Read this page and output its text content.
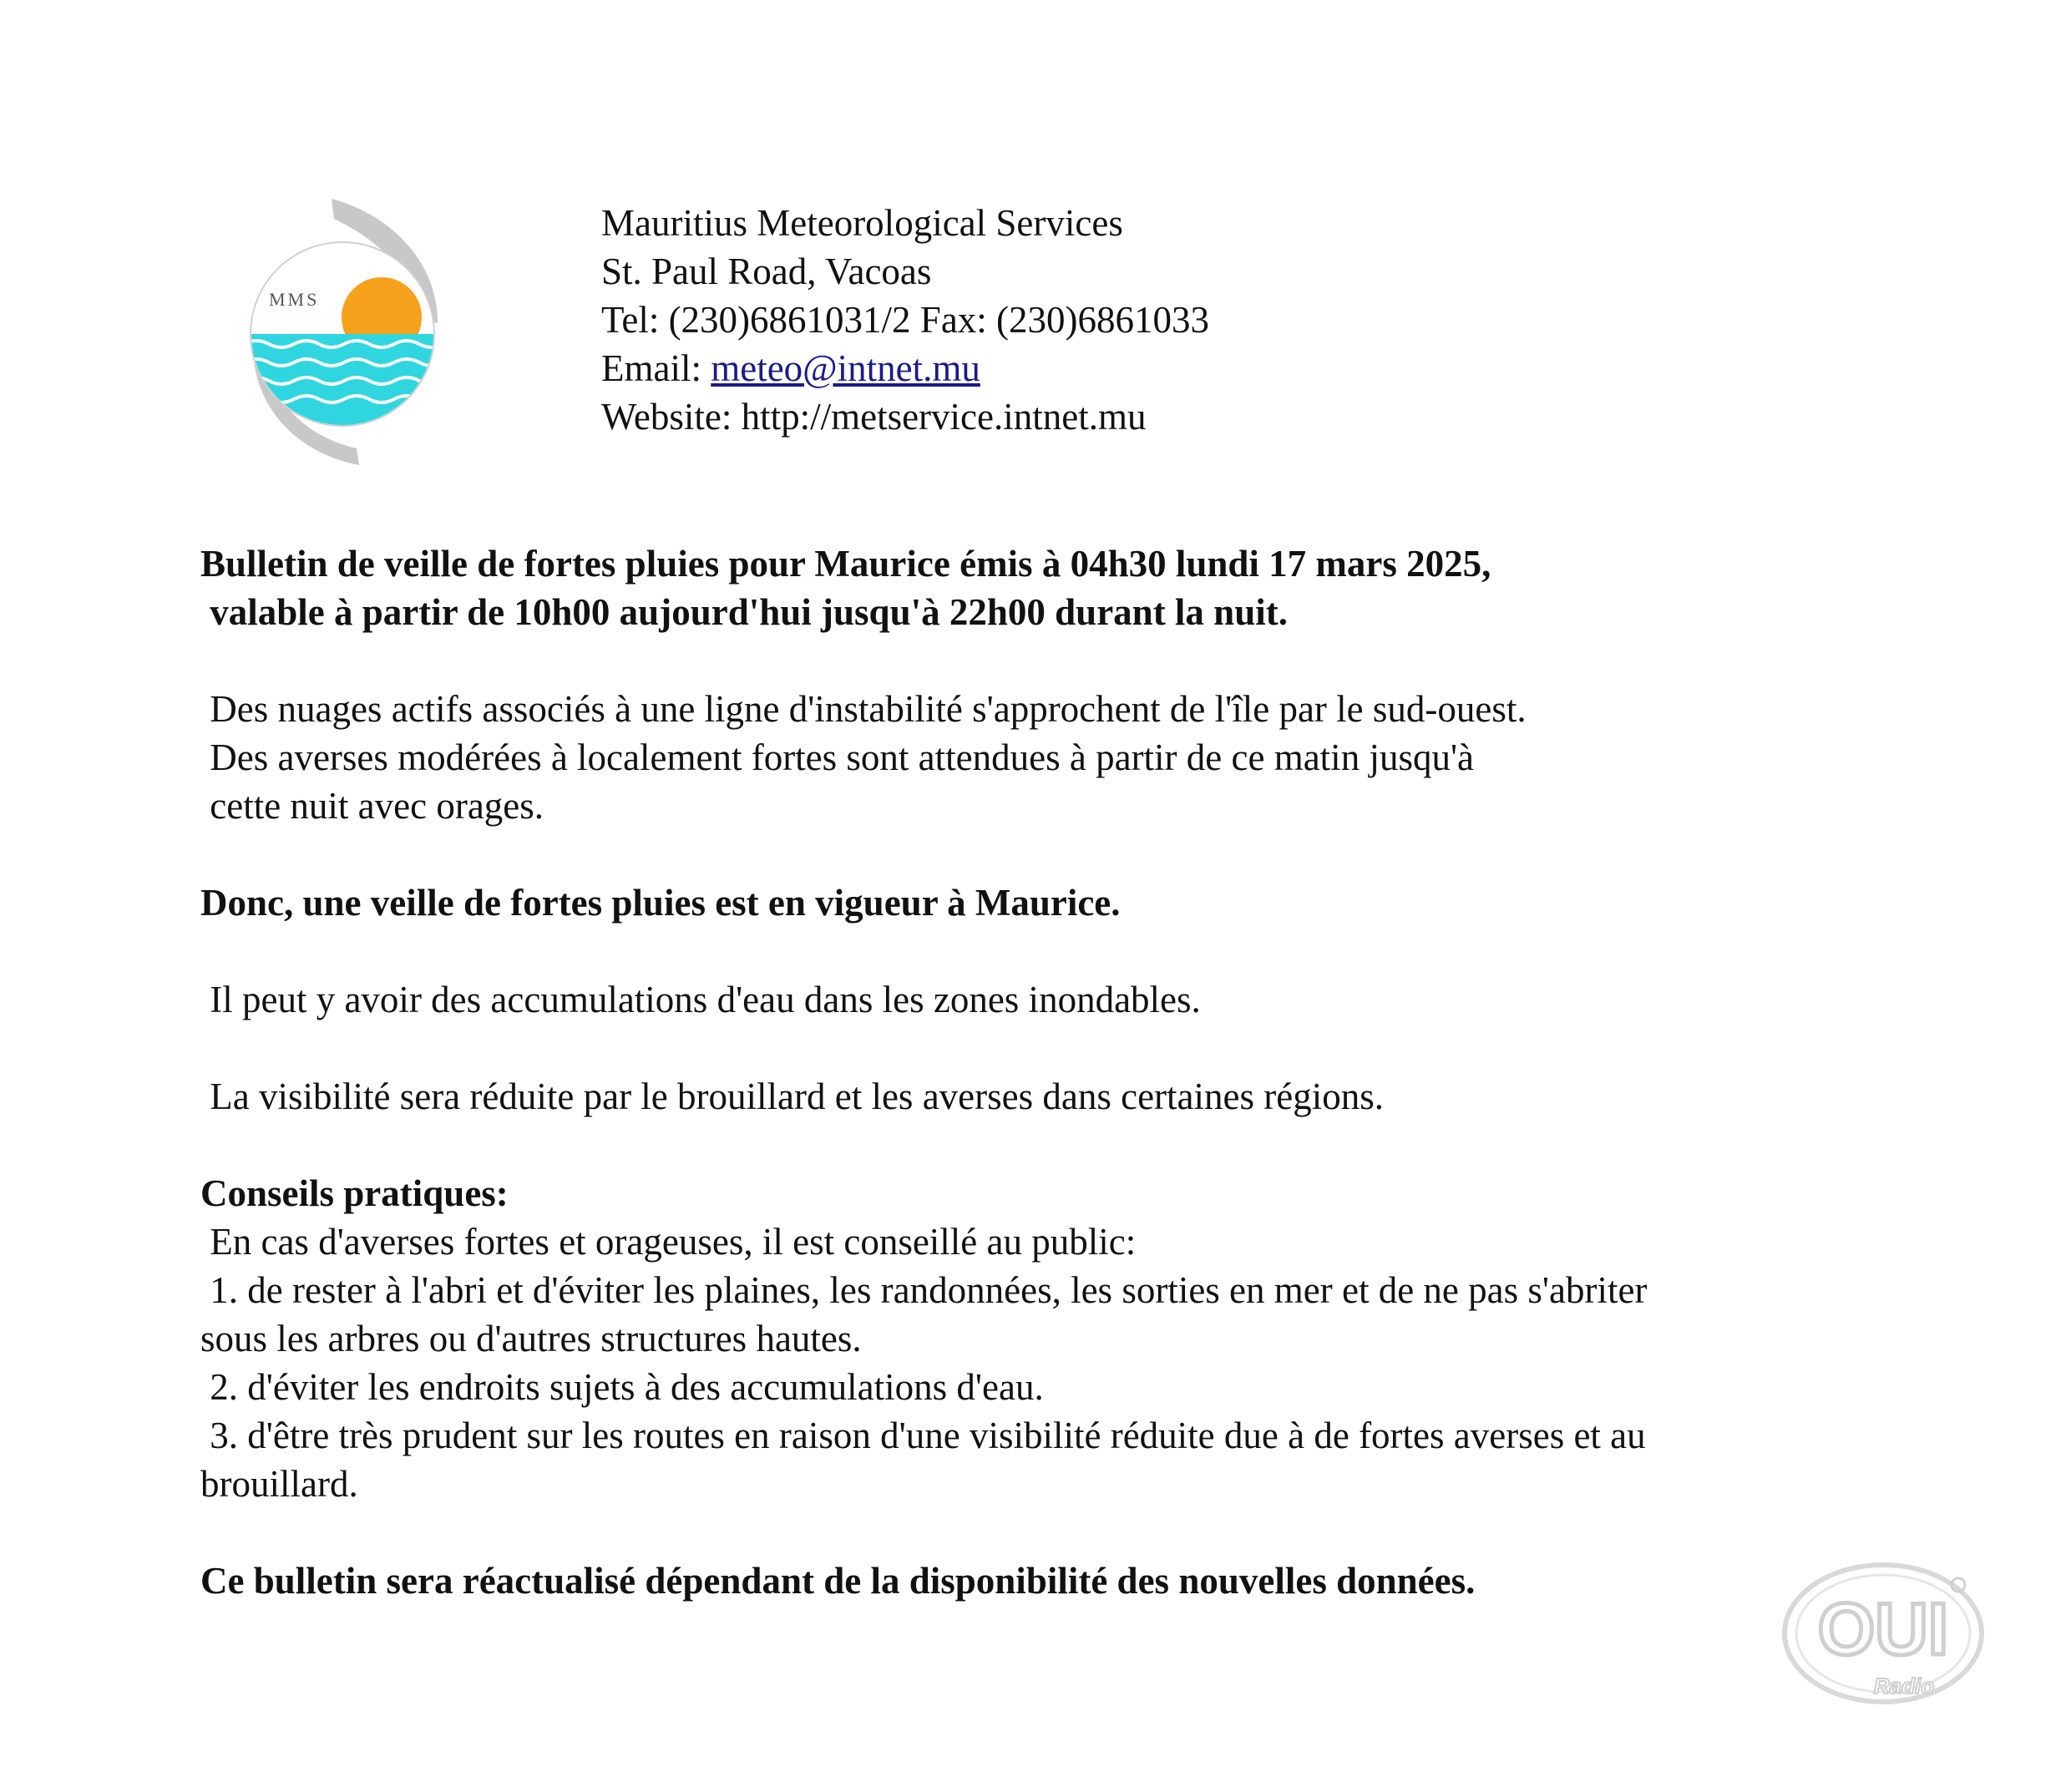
MMS
Mauritius Meteorological Services
St. Paul Road, Vacoas
Tel: (230)6861031/2 Fax: (230)6861033
Email: meteo@intnet.mu
Website: http://metservice.intnet.mu

Bulletin de veille de fortes pluies pour Maurice émis à 04h30 lundi 17 mars 2025,

valable à partir de 10h00 aujourd'hui jusqu'à 22h00 durant la nuit.

Des nuages actifs associés à une ligne d'instabilité s'approchent de l'île par le sud-ouest.

Des averses modérées à localement fortes sont attendues à partir de ce matin jusqu'à

cette nuit avec orages.

Donc, une veille de fortes pluies est en vigueur à Maurice.

Il peut y avoir des accumulations d'eau dans les zones inondables.

La visibilité sera réduite par le brouillard et les averses dans certaines régions.

Conseils pratiques:

En cas d'averses fortes et orageuses, il est conseillé au public:

1. de rester à l'abri et d'éviter les plaines, les randonnées, les sorties en mer et de ne pas s'abriter

sous les arbres ou d'autres structures hautes.

2. d'éviter les endroits sujets à des accumulations d'eau.

3. d'être très prudent sur les routes en raison d'une visibilité réduite due à de fortes averses et au

brouillard.

Ce bulletin sera réactualisé dépendant de la disponibilité des nouvelles données.

OUI
Radio
